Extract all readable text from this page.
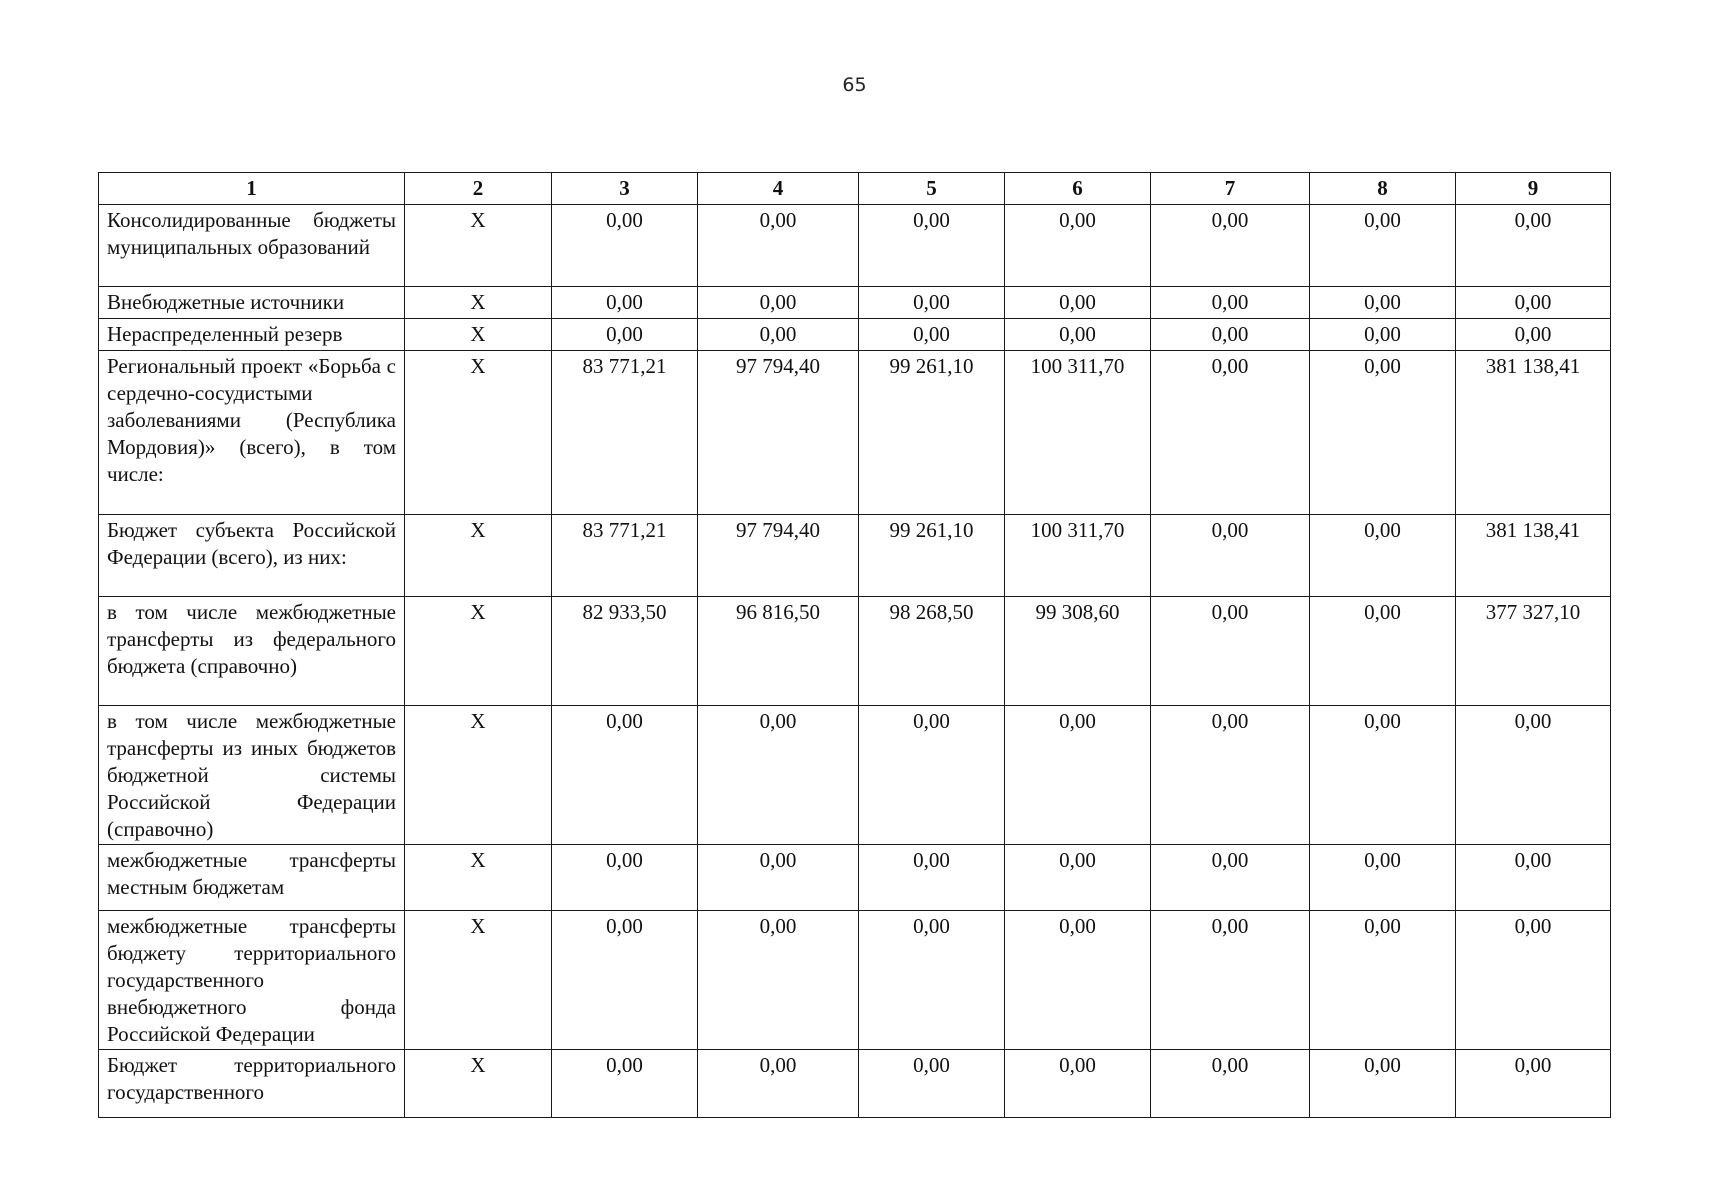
65
1	2	3	4	5	6	7	8	9
Консолидированные бюджеты муниципальных образований	X	0,00	0,00	0,00	0,00	0,00	0,00	0,00
Внебюджетные источники	X	0,00	0,00	0,00	0,00	0,00	0,00	0,00
Нераспределенный резерв	X	0,00	0,00	0,00	0,00	0,00	0,00	0,00
Региональный проект «Борьба с сердечно-сосудистыми заболеваниями (Республика Мордовия)» (всего), в том числе:	X	83 771,21	97 794,40	99 261,10	100 311,70	0,00	0,00	381 138,41
Бюджет субъекта Российской Федерации (всего), из них:	X	83 771,21	97 794,40	99 261,10	100 311,70	0,00	0,00	381 138,41
в том числе межбюджетные трансферты из федерального бюджета (справочно)	X	82 933,50	96 816,50	98 268,50	99 308,60	0,00	0,00	377 327,10
в том числе межбюджетные трансферты из иных бюджетов бюджетной системы Российской Федерации (справочно)	X	0,00	0,00	0,00	0,00	0,00	0,00	0,00
межбюджетные трансферты местным бюджетам	X	0,00	0,00	0,00	0,00	0,00	0,00	0,00
межбюджетные трансферты бюджету территориального государственного внебюджетного фонда Российской Федерации	X	0,00	0,00	0,00	0,00	0,00	0,00	0,00
Бюджет территориального государственного	X	0,00	0,00	0,00	0,00	0,00	0,00	0,00
